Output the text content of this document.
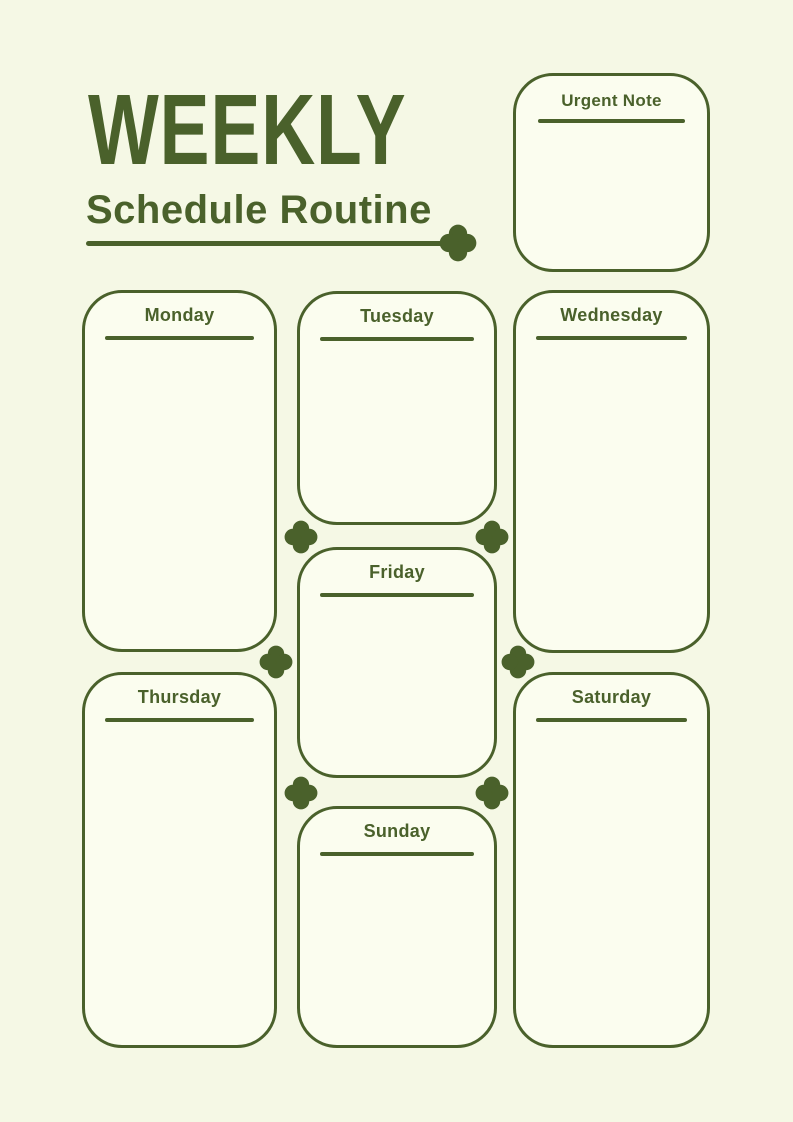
WEEKLY
Schedule Routine
Urgent Note
Monday	Tuesday	Wednesday
Friday
Thursday	Saturday
Sunday
